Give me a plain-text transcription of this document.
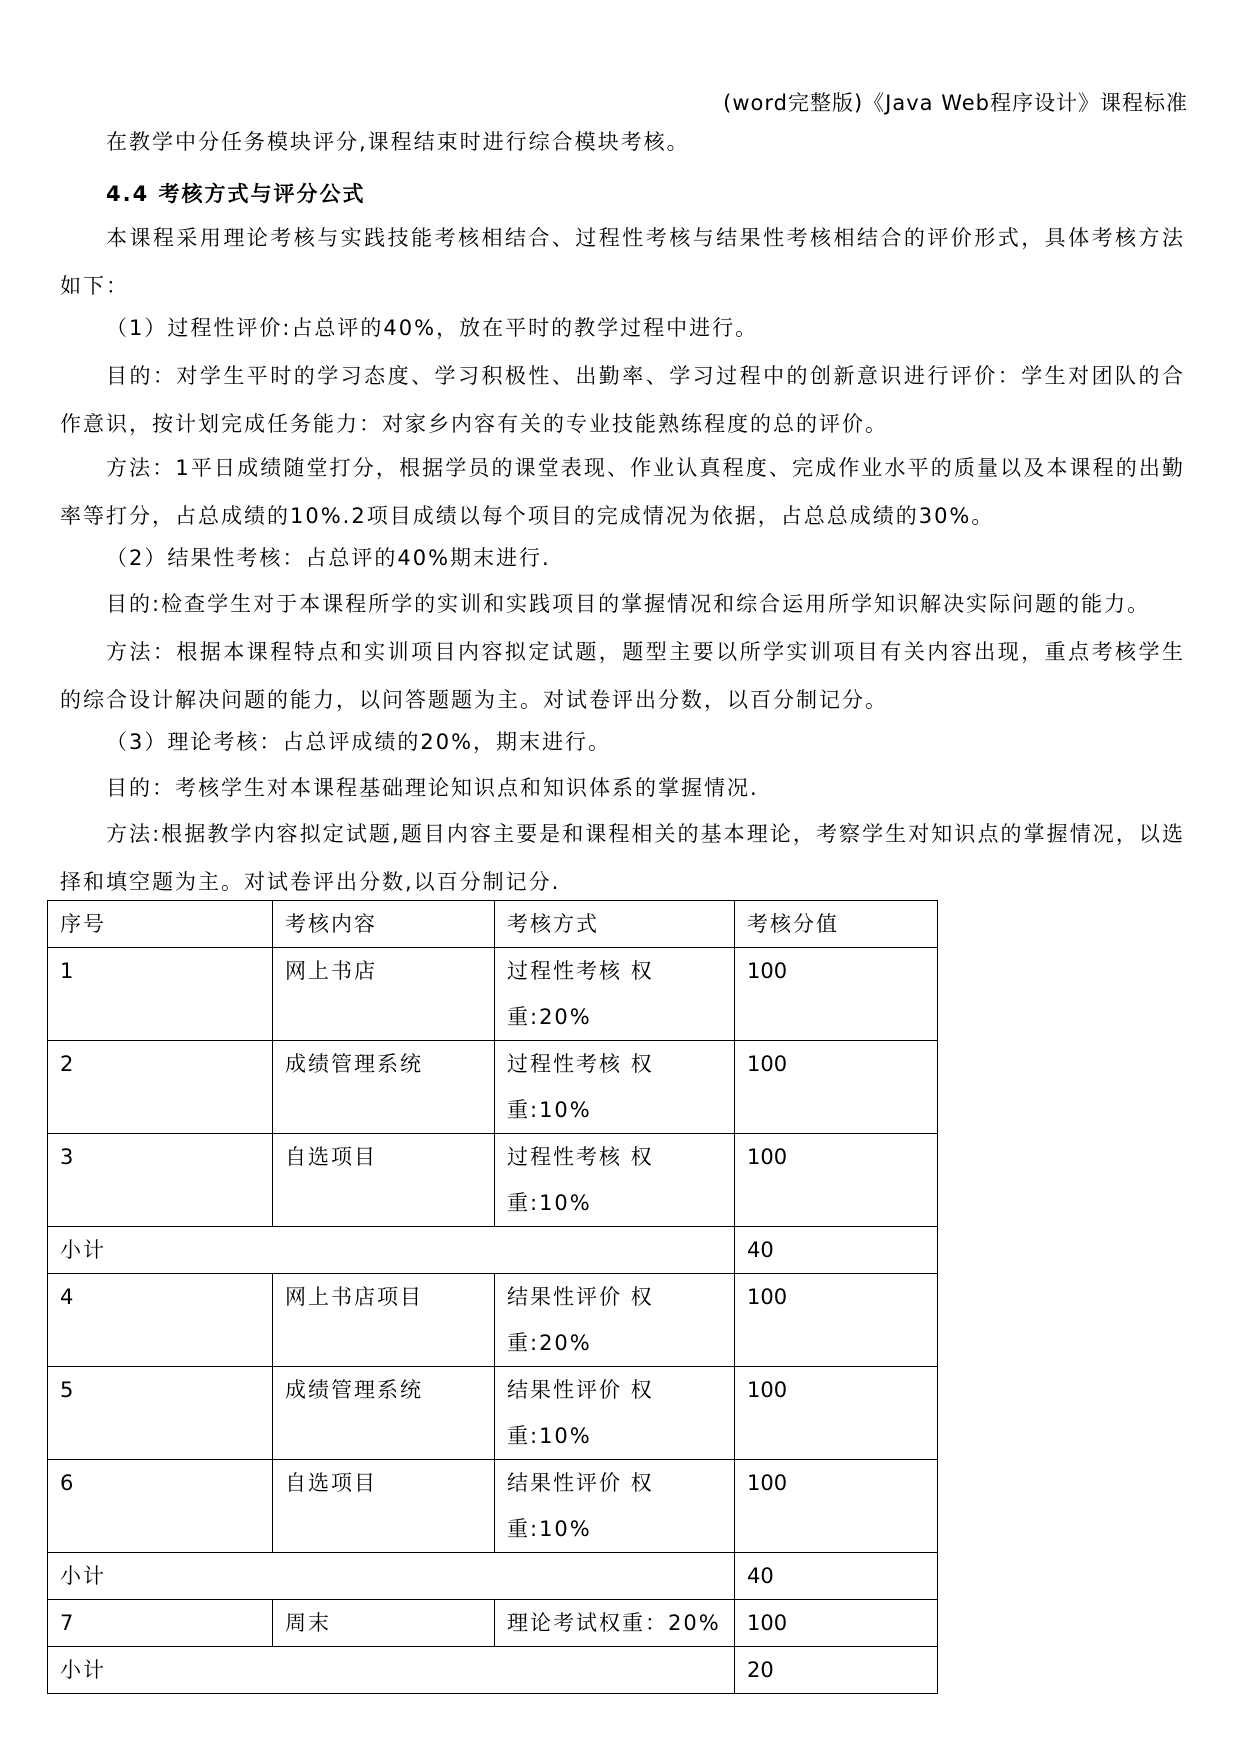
(word完整版)《Java Web程序设计》课程标准
在教学中分任务模块评分,课程结束时进行综合模块考核。
4.4 考核方式与评分公式
本课程采用理论考核与实践技能考核相结合、过程性考核与结果性考核相结合的评价形式，具体考核方法如下：
（1）过程性评价:占总评的40%，放在平时的教学过程中进行。
目的：对学生平时的学习态度、学习积极性、出勤率、学习过程中的创新意识进行评价：学生对团队的合作意识，按计划完成任务能力：对家乡内容有关的专业技能熟练程度的总的评价。
方法：1平日成绩随堂打分，根据学员的课堂表现、作业认真程度、完成作业水平的质量以及本课程的出勤率等打分，占总成绩的10%.2项目成绩以每个项目的完成情况为依据，占总总成绩的30%。
（2）结果性考核：占总评的40%期末进行.
目的:检查学生对于本课程所学的实训和实践项目的掌握情况和综合运用所学知识解决实际问题的能力。
方法：根据本课程特点和实训项目内容拟定试题，题型主要以所学实训项目有关内容出现，重点考核学生的综合设计解决问题的能力，以问答题题为主。对试卷评出分数，以百分制记分。
（3）理论考核：占总评成绩的20%，期末进行。
目的：考核学生对本课程基础理论知识点和知识体系的掌握情况.
方法:根据教学内容拟定试题,题目内容主要是和课程相关的基本理论，考察学生对知识点的掌握情况，以选择和填空题为主。对试卷评出分数,以百分制记分.
序号	考核内容	考核方式	考核分值
1	网上书店	过程性考核 权重:20%	100
2	成绩管理系统	过程性考核 权重:10%	100
3	自选项目	过程性考核 权重:10%	100
小计			40
4	网上书店项目	结果性评价 权重:20%	100
5	成绩管理系统	结果性评价 权重:10%	100
6	自选项目	结果性评价 权重:10%	100
小计			40
7	周末	理论考试权重：20%	100
小计			20
